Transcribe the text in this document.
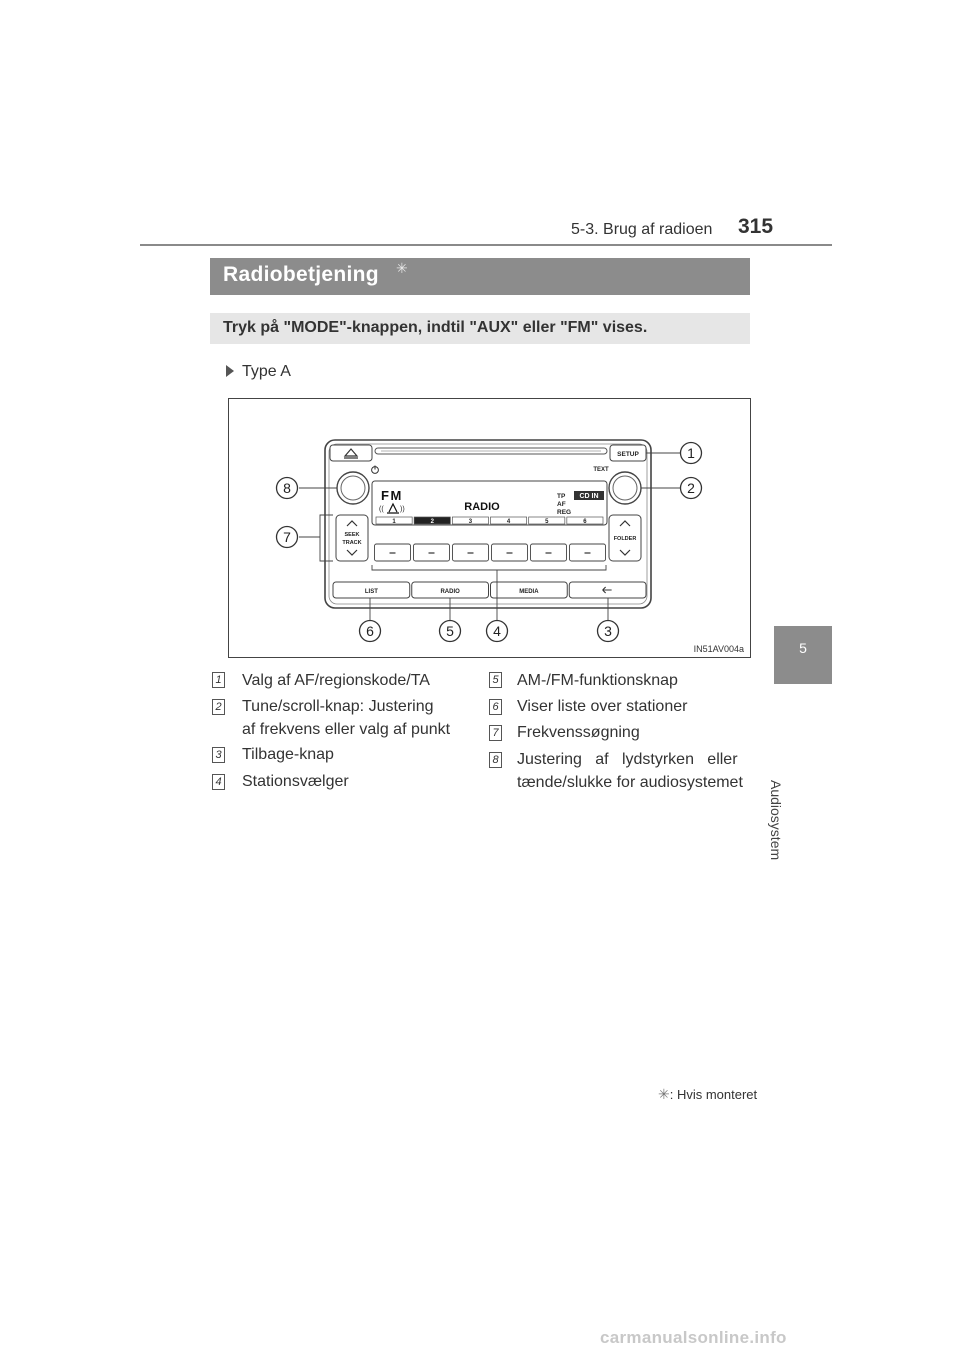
5-3. Brug af radioen 315
5
Audiosystem
Radiobetjening ✳
Tryk på "MODE"-knappen, indtil "AUX" eller "FM" vises.
Type A
SETUP
TEXT
FM
(( ))	RADIO
TP
AF
REG
CD IN
1	2	3	4	5	6
SEEK
TRACK
FOLDER
LIST	RADIO	MEDIA
1
2
3
4
5
6
7
8
IN51AV004a
1 Valg af AF/regionskode/TA
2 Tune/scroll-knap: Justering
af frekvens eller valg af punkt
3 Tilbage-knap
4 Stationsvælger
5 AM-/FM-funktionsknap
6 Viser liste over stationer
7 Frekvenssøgning
8 Justering   af   lydstyrken   eller
tænde/slukke for audiosystemet
✳: Hvis monteret
carmanualsonline.info
